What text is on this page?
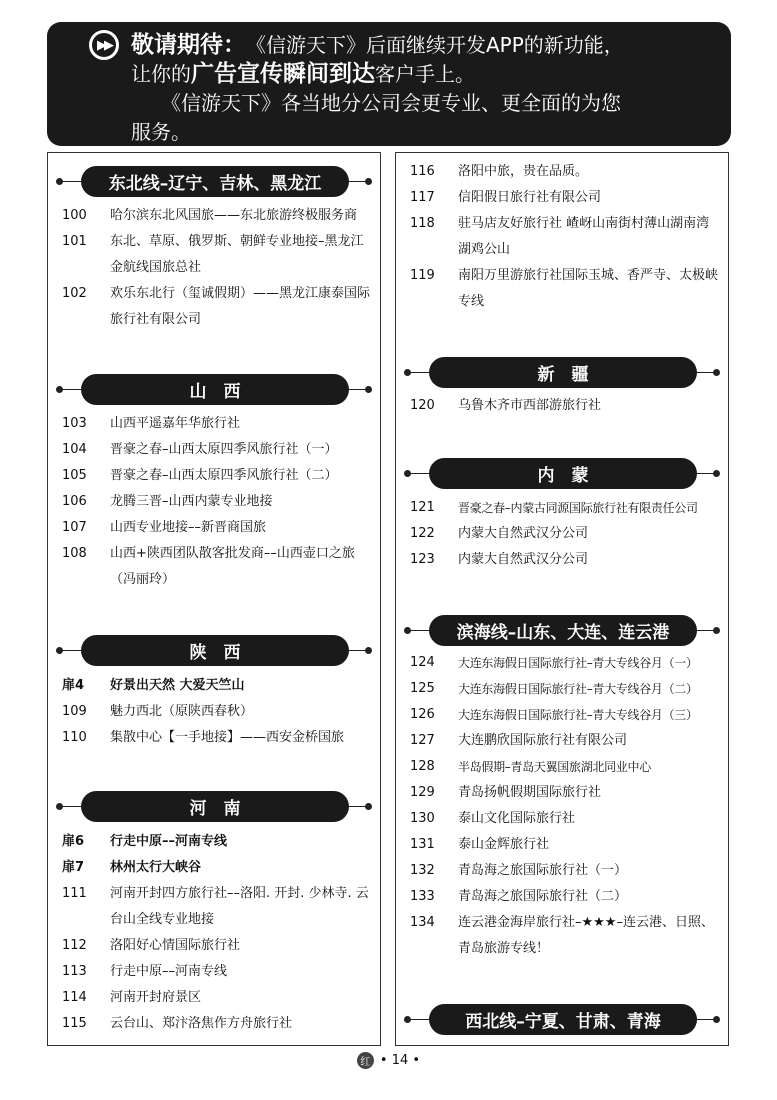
▶▶ 敬请期待： 《信游天下》后面继续开发APP的新功能，
让你的广告宣传瞬间到达客户手上。
《信游天下》各当地分公司会更专业、更全面的为您
服务。
东北线–辽宁、吉林、黑龙江
100	哈尔滨东北风国旅——东北旅游终极服务商
101	东北、草原、俄罗斯、朝鲜专业地接–黑龙江金航线国旅总社
102	欢乐东北行（玺诚假期）——黑龙江康泰国际旅行社有限公司
山　西
103	山西平遥嘉年华旅行社
104	晋豪之春–山西太原四季风旅行社（一）
105	晋豪之春–山西太原四季风旅行社（二）
106	龙腾三晋–山西内蒙专业地接
107	山西专业地接––新晋商国旅
108	山西+陕西团队散客批发商––山西壶口之旅（冯丽玲）
陕　西
扉4	好景出天然 大爱天竺山
109	魅力西北（原陕西春秋）
110	集散中心【一手地接】——西安金桥国旅
河　南
扉6	行走中原––河南专线
扉7	林州太行大峡谷
111	河南开封四方旅行社––洛阳. 开封. 少林寺. 云台山全线专业地接
112	洛阳好心情国际旅行社
113	行走中原––河南专线
114	河南开封府景区
115	云台山、郑汴洛焦作方舟旅行社
116	洛阳中旅，贵在品质。
117	信阳假日旅行社有限公司
118	驻马店友好旅行社 嵖岈山南街村薄山湖南湾湖鸡公山
119	南阳万里游旅行社国际玉城、香严寺、太极峡专线
新　疆
120	乌鲁木齐市西部游旅行社
内　蒙
121	晋豪之春–内蒙古同源国际旅行社有限责任公司
122	内蒙大自然武汉分公司
123	内蒙大自然武汉分公司
滨海线–山东、大连、连云港
124	大连东海假日国际旅行社–青大专线谷月（一）
125	大连东海假日国际旅行社–青大专线谷月（二）
126	大连东海假日国际旅行社–青大专线谷月（三）
127	大连鹏欣国际旅行社有限公司
128	半岛假期–青岛天翼国旅湖北同业中心
129	青岛扬帆假期国际旅行社
130	泰山文化国际旅行社
131	泰山金辉旅行社
132	青岛海之旅国际旅行社（一）
133	青岛海之旅国际旅行社（二）
134	连云港金海岸旅行社–★★★–连云港、日照、青岛旅游专线！
西北线–宁夏、甘肃、青海
红 • 14 •
